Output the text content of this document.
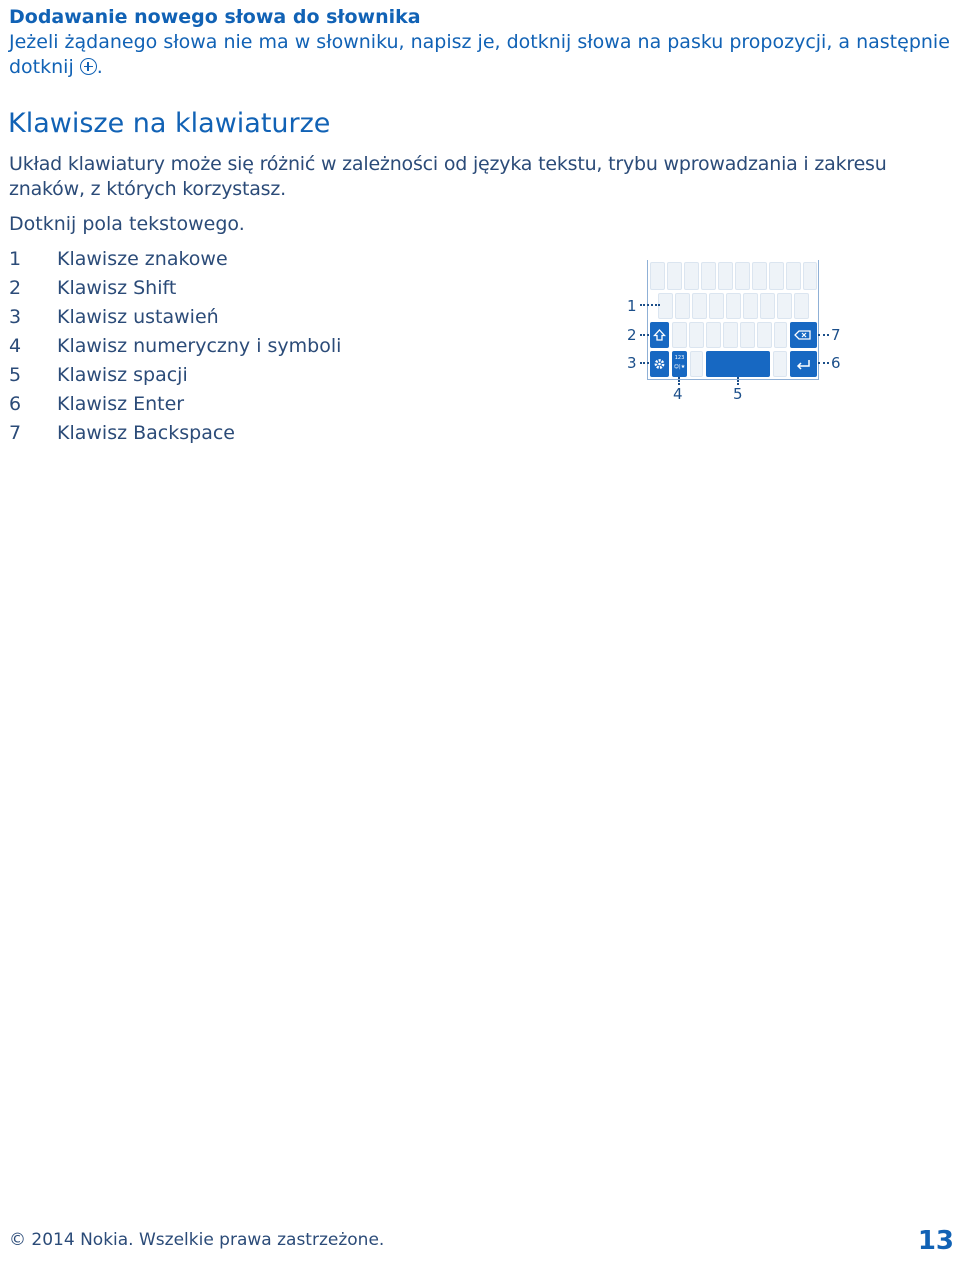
Dodawanie nowego słowa do słownika
Jeżeli żądanego słowa nie ma w słowniku, napisz je, dotknij słowa na pasku propozycji, a następnie dotknij .
Klawisze na klawiaturze
Układ klawiatury może się różnić w zależności od języka tekstu, trybu wprowadzania i zakresu znaków, z których korzystasz.
Dotknij pola tekstowego.
1	Klawisze znakowe
2	Klawisz Shift
3	Klawisz ustawień
4	Klawisz numeryczny i symboli
5	Klawisz spacji
6	Klawisz Enter
7	Klawisz Backspace
123
☺|★
1
2
3
4	5
6
7
© 2014 Nokia. Wszelkie prawa zastrzeżone.	13
